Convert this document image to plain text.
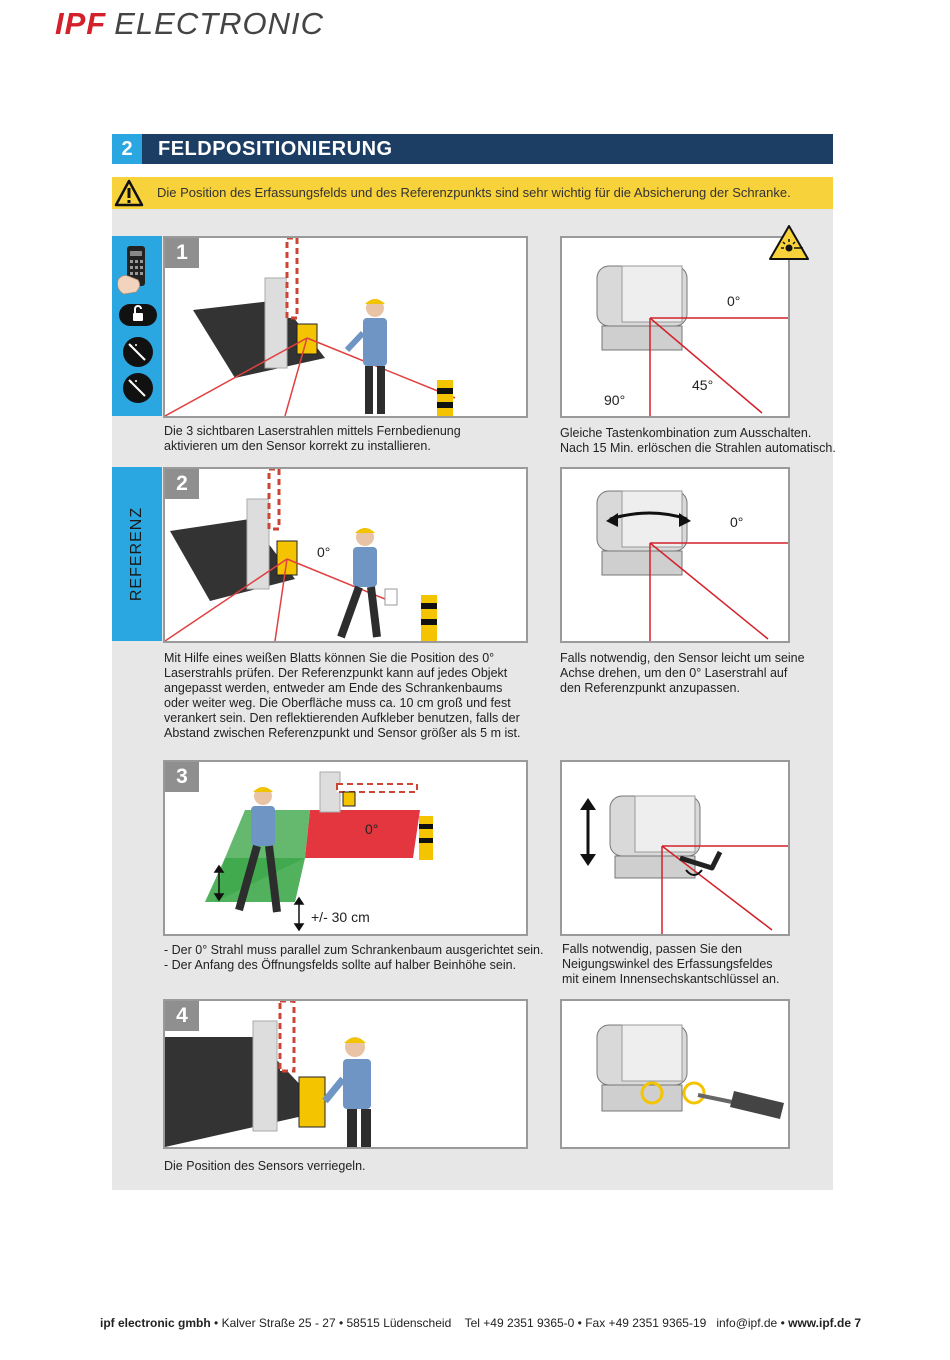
IPF ELECTRONIC
2	FELDPOSITIONIERUNG
Die Position des Erfassungsfelds und des Referenzpunkts sind sehr wichtig für die Absicherung der Schranke.
REFERENZ
1
Die 3 sichtbaren Laserstrahlen mittels Fernbedienung
aktivieren um den Sensor korrekt zu installieren.
0°
45°
90°
Gleiche Tastenkombination zum Ausschalten.
Nach 15 Min. erlöschen die Strahlen automatisch.
0°
2
Mit Hilfe eines weißen Blatts können Sie die Position des 0°
Laserstrahls prüfen. Der Referenzpunkt kann auf jedes Objekt
angepasst werden, entweder am Ende des Schrankenbaums
oder weiter weg. Die Oberfläche muss ca. 10 cm groß und fest
verankert sein. Den reflektierenden Aufkleber benutzen, falls der
Abstand zwischen Referenzpunkt und Sensor größer als 5 m ist.
0°
Falls notwendig, den Sensor leicht um seine
Achse drehen, um den 0° Laserstrahl auf
den Referenzpunkt anzupassen.
0°
+/- 30 cm
3
- Der 0° Strahl muss parallel zum Schrankenbaum ausgerichtet sein.
- Der Anfang des Öffnungsfelds sollte auf halber Beinhöhe sein.
Falls notwendig, passen Sie den
Neigungswinkel des Erfassungsfeldes
mit einem Innensechskantschlüssel an.
4
Die Position des Sensors verriegeln.
ipf electronic gmbh • Kalver Straße 25 - 27 • 58515 Lüdenscheid Tel +49 2351 9365-0 • Fax +49 2351 9365-19 info@ipf.de • www.ipf.de 7
